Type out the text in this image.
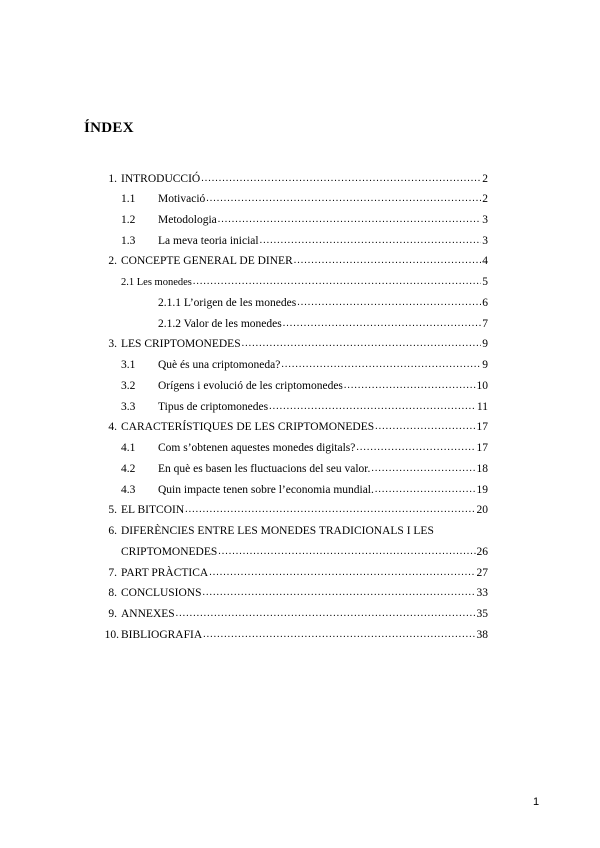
ÍNDEX
1. INTRODUCCIÓ .....	2
1.1	Motivació .....	2
1.2	Metodologia .....	3
1.3	La meva teoria inicial .....	3
2. CONCEPTE GENERAL DE DINER .....	4
2.1 Les monedes .....	5
2.1.1 L’origen de les monedes .....	6
2.1.2 Valor de les monedes .....	7
3. LES CRIPTOMONEDES .....	9
3.1	Què és una criptomoneda? .....	9
3.2	Orígens i evolució de les criptomonedes .....	10
3.3	Tipus de criptomonedes .....	11
4. CARACTERÍSTIQUES DE LES CRIPTOMONEDES .....	17
4.1	Com s’obtenen aquestes monedes digitals? .....	17
4.2	En què es basen les fluctuacions del seu valor. .....	18
4.3	Quin impacte tenen sobre l’economia mundial. .....	19
5. EL BITCOIN .....	20
6. DIFERÈNCIES ENTRE LES MONEDES TRADICIONALS I LES
CRIPTOMONEDES .....	26
7. PART PRÀCTICA .....	27
8. CONCLUSIONS .....	33
9. ANNEXES .....	35
10. BIBLIOGRAFIA .....	38
1
